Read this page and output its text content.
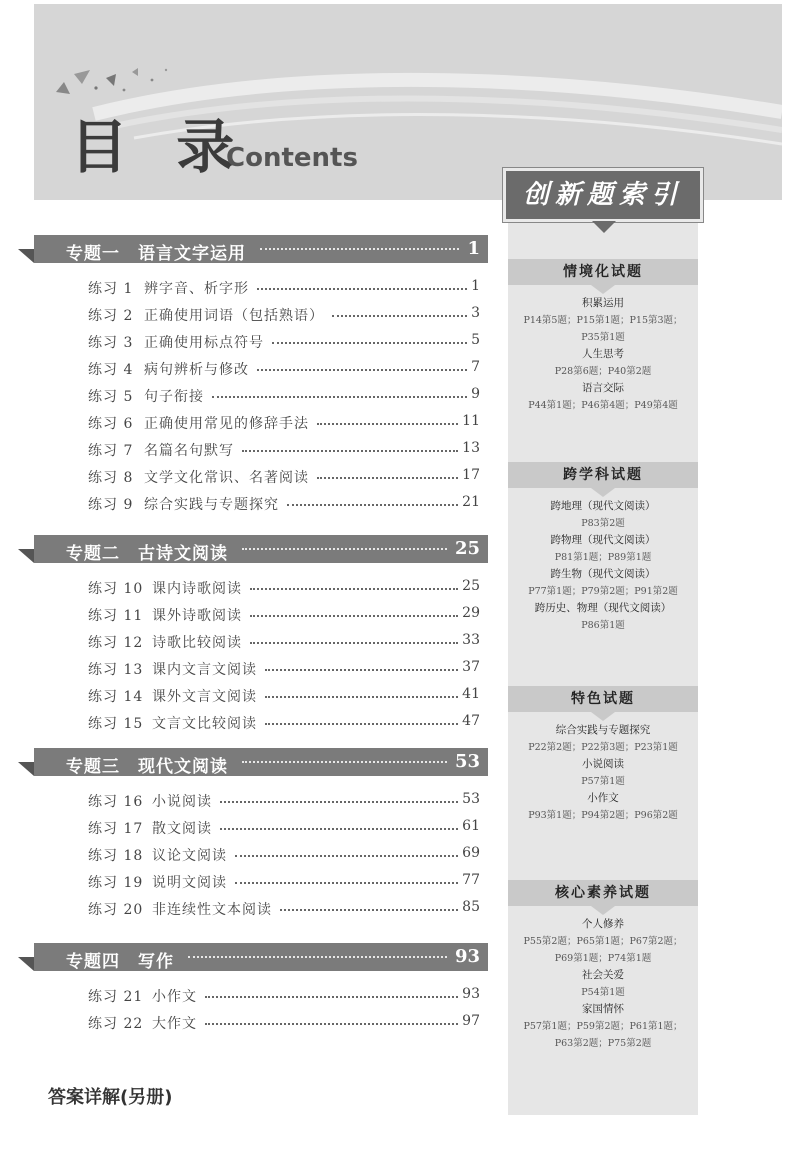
目 录
Contents
创新题索引
情境化试题
积累运用
P14第5题；P15第1题；P15第3题；
P35第1题
人生思考
P28第6题；P40第2题
语言交际
P44第1题；P46第4题；P49第4题
跨学科试题
跨地理（现代文阅读）
P83第2题
跨物理（现代文阅读）
P81第1题；P89第1题
跨生物（现代文阅读）
P77第1题；P79第2题；P91第2题
跨历史、物理（现代文阅读）
P86第1题
特色试题
综合实践与专题探究
P22第2题；P22第3题；P23第1题
小说阅读
P57第1题
小作文
P93第1题；P94第2题；P96第2题
核心素养试题
个人修养
P55第2题；P65第1题；P67第2题；
P69第1题；P74第1题
社会关爱
P54第1题
家国情怀
P57第1题；P59第2题；P61第1题；
P63第2题；P75第2题
专题一　语言文字运用	1
练习 1 辨字音、析字形	1
练习 2 正确使用词语（包括熟语）	3
练习 3 正确使用标点符号	5
练习 4 病句辨析与修改	7
练习 5 句子衔接	9
练习 6 正确使用常见的修辞手法	11
练习 7 名篇名句默写	13
练习 8 文学文化常识、名著阅读	17
练习 9 综合实践与专题探究	21
专题二　古诗文阅读	25
练习 10 课内诗歌阅读	25
练习 11 课外诗歌阅读	29
练习 12 诗歌比较阅读	33
练习 13 课内文言文阅读	37
练习 14 课外文言文阅读	41
练习 15 文言文比较阅读	47
专题三　现代文阅读	53
练习 16 小说阅读	53
练习 17 散文阅读	61
练习 18 议论文阅读	69
练习 19 说明文阅读	77
练习 20 非连续性文本阅读	85
专题四　写作	93
练习 21 小作文	93
练习 22 大作文	97
答案详解(另册)
